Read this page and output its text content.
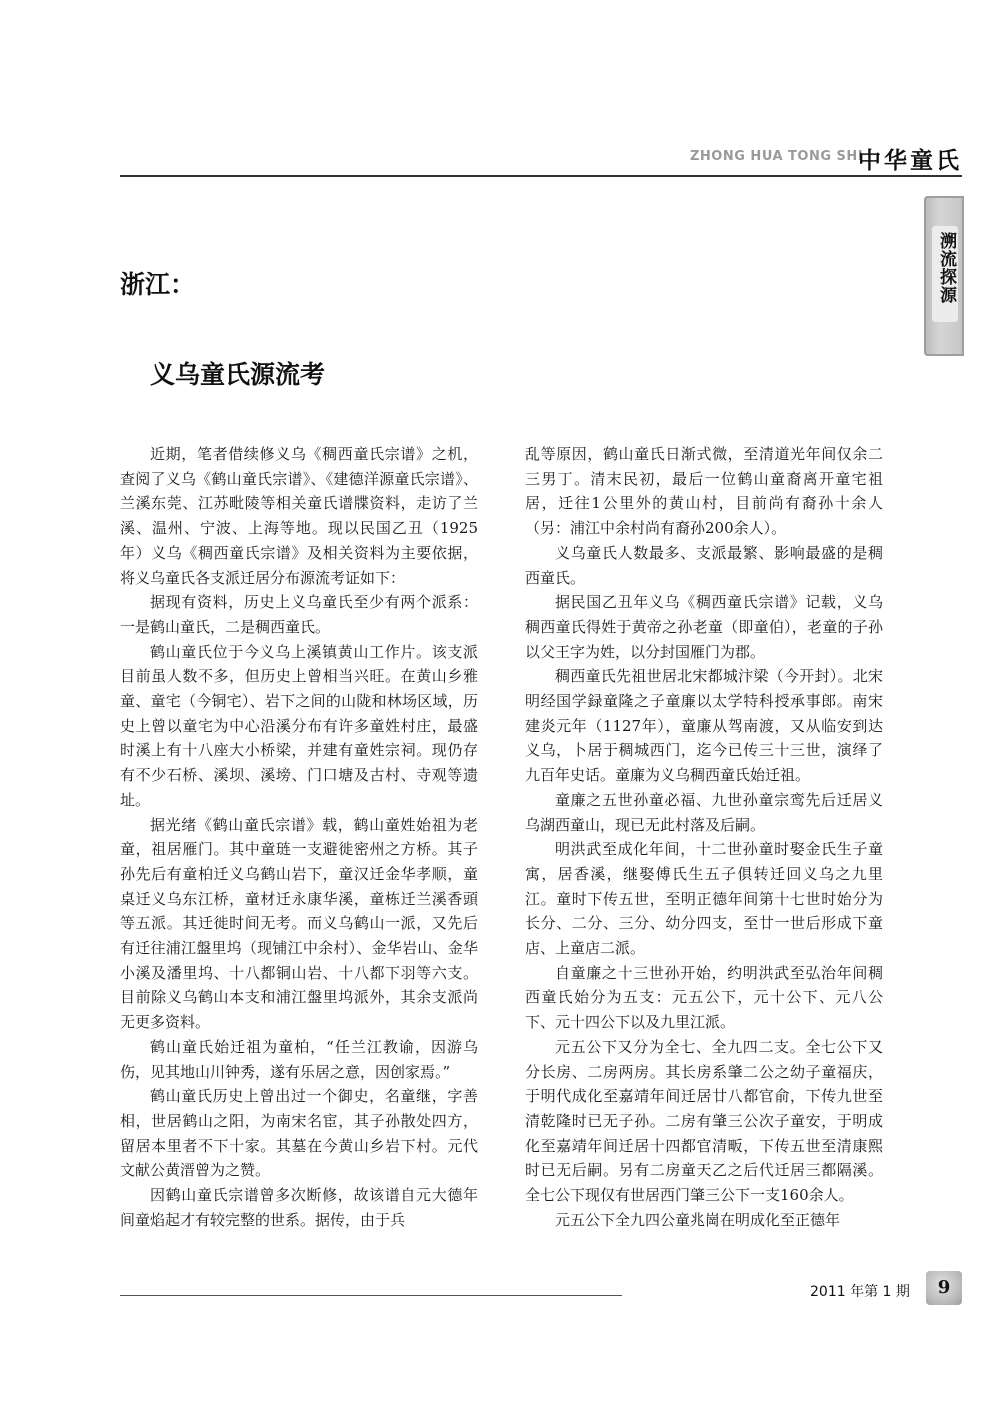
ZHONG HUA TONG SHI
中华童氏
溯流探源
浙江：
义乌童氏源流考

近期，笔者借续修义乌《稠西童氏宗谱》之机，查阅了义乌《鹤山童氏宗谱》、《建德洋源童氏宗谱》、兰溪东莞、江苏毗陵等相关童氏谱牒资料，走访了兰溪、温州、宁波、上海等地。现以民国乙丑（1925年）义乌《稠西童氏宗谱》及相关资料为主要依据，将义乌童氏各支派迁居分布源流考证如下：

据现有资料，历史上义乌童氏至少有两个派系：一是鹤山童氏，二是稠西童氏。

鹤山童氏位于今义乌上溪镇黄山工作片。该支派目前虽人数不多，但历史上曾相当兴旺。在黄山乡雅童、童宅（今铜宅）、岩下之间的山陇和林场区域，历史上曾以童宅为中心沿溪分布有许多童姓村庄，最盛时溪上有十八座大小桥梁，并建有童姓宗祠。现仍存有不少石桥、溪坝、溪塝、门口塘及古村、寺观等遗址。

据光绪《鹤山童氏宗谱》载，鹤山童姓始祖为老童，祖居雁门。其中童琏一支避徙密州之方桥。其子孙先后有童柏迁义乌鹤山岩下，童汉迁金华孝顺，童桌迁义乌东江桥，童材迁永康华溪，童栋迁兰溪香頭等五派。其迁徙时间无考。而义乌鹤山一派，又先后有迁往浦江盤里坞（现铺江中余村）、金华岩山、金华小溪及潘里坞、十八都铜山岩、十八都下羽等六支。目前除义乌鹤山本支和浦江盤里坞派外，其余支派尚无更多资料。

鹤山童氏始迁祖为童柏，“任兰江教谕，因游乌伤，见其地山川钟秀，遂有乐居之意，因创家焉。”

鹤山童氏历史上曾出过一个御史，名童继，字善相，世居鹤山之阳，为南宋名宦，其子孙散处四方，留居本里者不下十家。其墓在今黄山乡岩下村。元代文献公黄溍曾为之赞。

因鹤山童氏宗谱曾多次断修，故该谱自元大德年间童焰起才有较完整的世系。据传，由于兵

乱等原因，鹤山童氏日渐式微，至清道光年间仅余二三男丁。清末民初，最后一位鹤山童裔离开童宅祖居，迁往1公里外的黄山村，目前尚有裔孙十余人（另：浦江中余村尚有裔孙200余人）。

义乌童氏人数最多、支派最繁、影响最盛的是稠西童氏。

据民国乙丑年义乌《稠西童氏宗谱》记载，义乌稠西童氏得姓于黄帝之孙老童（即童伯），老童的子孙以父王字为姓，以分封国雁门为郡。

稠西童氏先祖世居北宋都城汴梁（今开封）。北宋明经国学録童隆之子童廉以太学特科授承事郎。南宋建炎元年（1127年），童廉从驾南渡，又从临安到达义乌，卜居于稠城西门，迄今已传三十三世，演绎了九百年史话。童廉为义乌稠西童氏始迁祖。

童廉之五世孙童必福、九世孙童宗鸾先后迁居义乌湖西童山，现已无此村落及后嗣。

明洪武至成化年间，十二世孙童时娶金氏生子童寓，居香溪，继娶傅氏生五子俱转迁回义乌之九里江。童时下传五世，至明正德年间第十七世时始分为长分、二分、三分、幼分四支，至廿一世后形成下童店、上童店二派。

自童廉之十三世孙开始，约明洪武至弘治年间稠西童氏始分为五支：元五公下，元十公下、元八公下、元十四公下以及九里江派。

元五公下又分为全七、全九四二支。全七公下又分长房、二房两房。其长房系肇二公之幼子童福庆，于明代成化至嘉靖年间迁居廿八都官俞，下传九世至清乾隆时已无子孙。二房有肇三公次子童安，于明成化至嘉靖年间迁居十四都官清畈，下传五世至清康熙时已无后嗣。另有二房童天乙之后代迁居三都隔溪。全七公下现仅有世居西门肇三公下一支160余人。

元五公下全九四公童兆崗在明成化至正德年

2011 年第 1 期	9
